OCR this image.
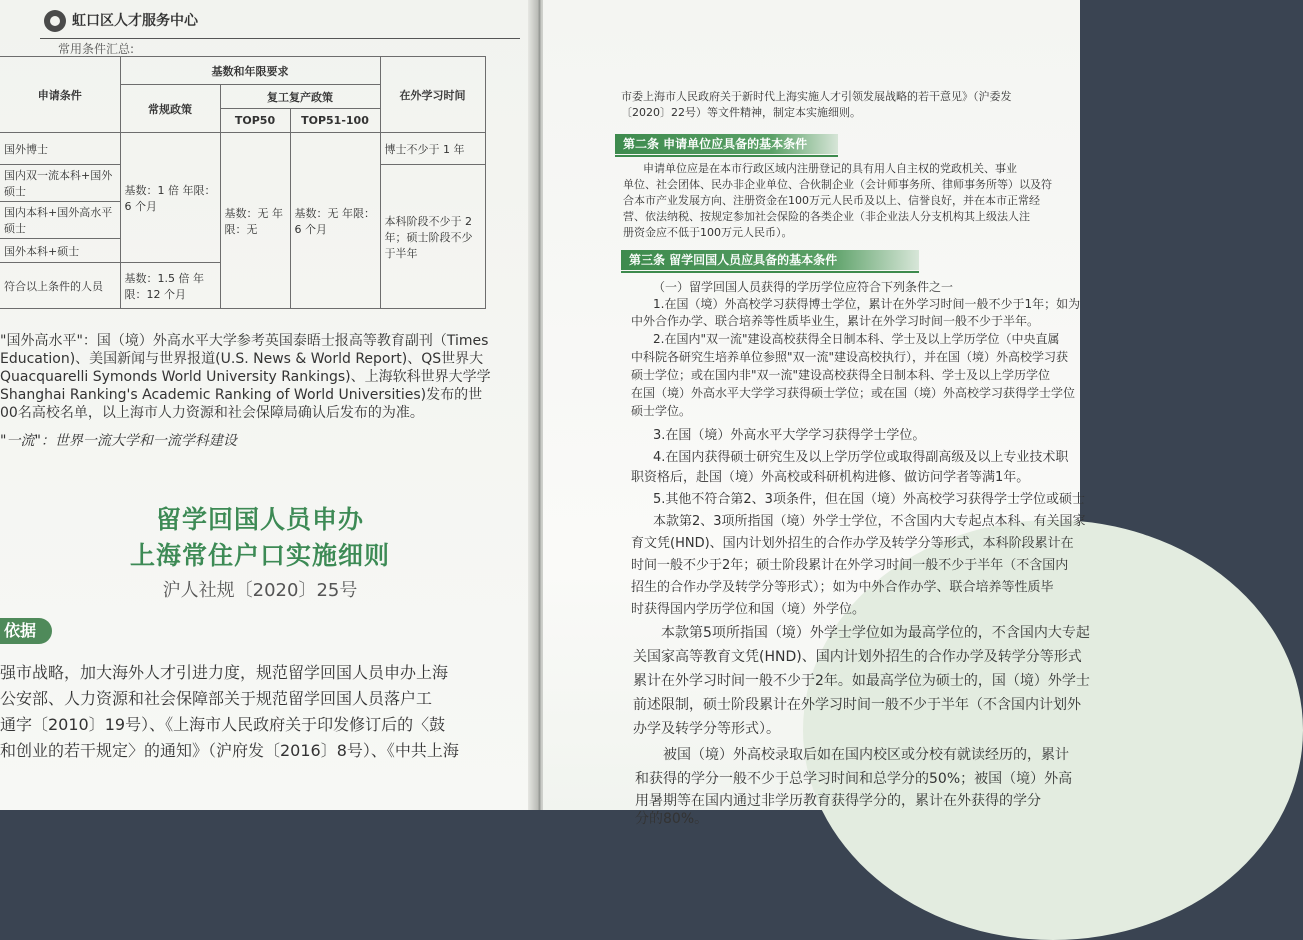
虹口区人才服务中心
常用条件汇总:
申请条件	基数和年限要求			在外学习时间
	常规政策	复工复产政策		
		TOP50	TOP51-100	
国外博士	基数：1 倍 年限：6 个月	基数：无 年限：无	基数：无 年限：6 个月	博士不少于 1 年
国内双一流本科+国外硕士				本科阶段不少于 2年；硕士阶段不少于半年
国内本科+国外高水平硕士				
国外本科+硕士				
符合以上条件的人员	基数：1.5 倍 年限：12 个月			
"国外高水平"：国（境）外高水平大学参考英国泰晤士报高等教育副刊（Times
Education)、美国新闻与世界报道(U.S. News & World Report)、QS世界大
Quacquarelli Symonds World University Rankings)、上海软科世界大学学
Shanghai Ranking's Academic Ranking of World Universities)发布的世
00名高校名单，以上海市人力资源和社会保障局确认后发布的为准。
"一流"：世界一流大学和一流学科建设
留学回国人员申办
上海常住户口实施细则
沪人社规〔2020〕25号
依据
强市战略，加大海外人才引进力度，规范留学回国人员申办上海
公安部、人力资源和社会保障部关于规范留学回国人员落户工
通字〔2010〕19号）、《上海市人民政府关于印发修订后的〈鼓
和创业的若干规定〉的通知》（沪府发〔2016〕8号）、《中共上海
市委上海市人民政府关于新时代上海实施人才引领发展战略的若干意见》（沪委发
〔2020〕22号）等文件精神，制定本实施细则。
第二条 申请单位应具备的基本条件
申请单位应是在本市行政区域内注册登记的具有用人自主权的党政机关、事业
单位、社会团体、民办非企业单位、合伙制企业（会计师事务所、律师事务所等）以及符
合本市产业发展方向、注册资金在100万元人民币及以上、信誉良好，并在本市正常经
营、依法纳税、按规定参加社会保险的各类企业（非企业法人分支机构其上级法人注
册资金应不低于100万元人民币）。
第三条 留学回国人员应具备的基本条件
（一）留学回国人员获得的学历学位应符合下列条件之一
1.在国（境）外高校学习获得博士学位，累计在外学习时间一般不少于1年；如为
中外合作办学、联合培养等性质毕业生，累计在外学习时间一般不少于半年。
2.在国内"双一流"建设高校获得全日制本科、学士及以上学历学位（中央直属
中科院各研究生培养单位参照"双一流"建设高校执行），并在国（境）外高校学习获
硕士学位；或在国内非"双一流"建设高校获得全日制本科、学士及以上学历学位
在国（境）外高水平大学学习获得硕士学位；或在国（境）外高校学习获得学士学位
硕士学位。
3.在国（境）外高水平大学学习获得学士学位。
4.在国内获得硕士研究生及以上学历学位或取得副高级及以上专业技术职
职资格后，赴国（境）外高校或科研机构进修、做访问学者等满1年。
5.其他不符合第2、3项条件，但在国（境）外高校学习获得学士学位或硕士
本款第2、3项所指国（境）外学士学位，不含国内大专起点本科、有关国家
育文凭(HND)、国内计划外招生的合作办学及转学分等形式，本科阶段累计在
时间一般不少于2年；硕士阶段累计在外学习时间一般不少于半年（不含国内
招生的合作办学及转学分等形式）；如为中外合作办学、联合培养等性质毕
时获得国内学历学位和国（境）外学位。
本款第5项所指国（境）外学士学位如为最高学位的，不含国内大专起
关国家高等教育文凭(HND)、国内计划外招生的合作办学及转学分等形式
累计在外学习时间一般不少于2年。如最高学位为硕士的，国（境）外学士
前述限制，硕士阶段累计在外学习时间一般不少于半年（不含国内计划外
办学及转学分等形式）。
被国（境）外高校录取后如在国内校区或分校有就读经历的，累计
和获得的学分一般不少于总学习时间和总学分的50%；被国（境）外高
用暑期等在国内通过非学历教育获得学分的，累计在外获得的学分
分的80%。
